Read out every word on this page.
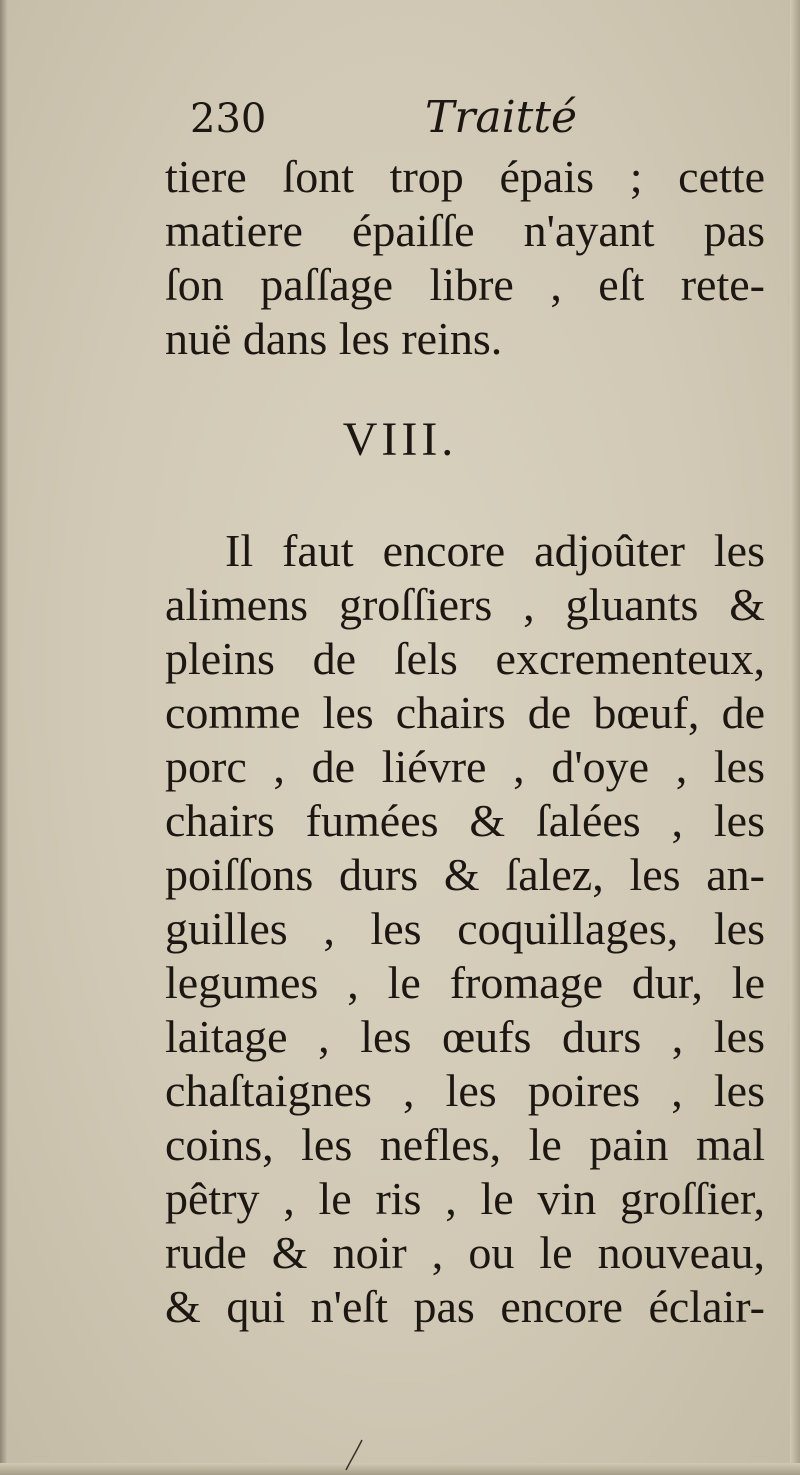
230	Traitté
tiere ſont trop épais ; cette
matiere épaiſſe n'ayant pas
ſon paſſage libre , eſt rete-
nuë dans les reins.
VIII.
Il faut encore adjoûter les
alimens groſſiers , gluants &
pleins de ſels excrementeux,
comme les chairs de bœuf, de
porc , de liévre , d'oye , les
chairs fumées & ſalées , les
poiſſons durs & ſalez, les an-
guilles , les coquillages, les
legumes , le fromage dur, le
laitage , les œufs durs , les
chaſtaignes , les poires , les
coins, les nefles, le pain mal
pêtry , le ris , le vin groſſier,
rude & noir , ou le nouveau,
& qui n'eſt pas encore éclair-
